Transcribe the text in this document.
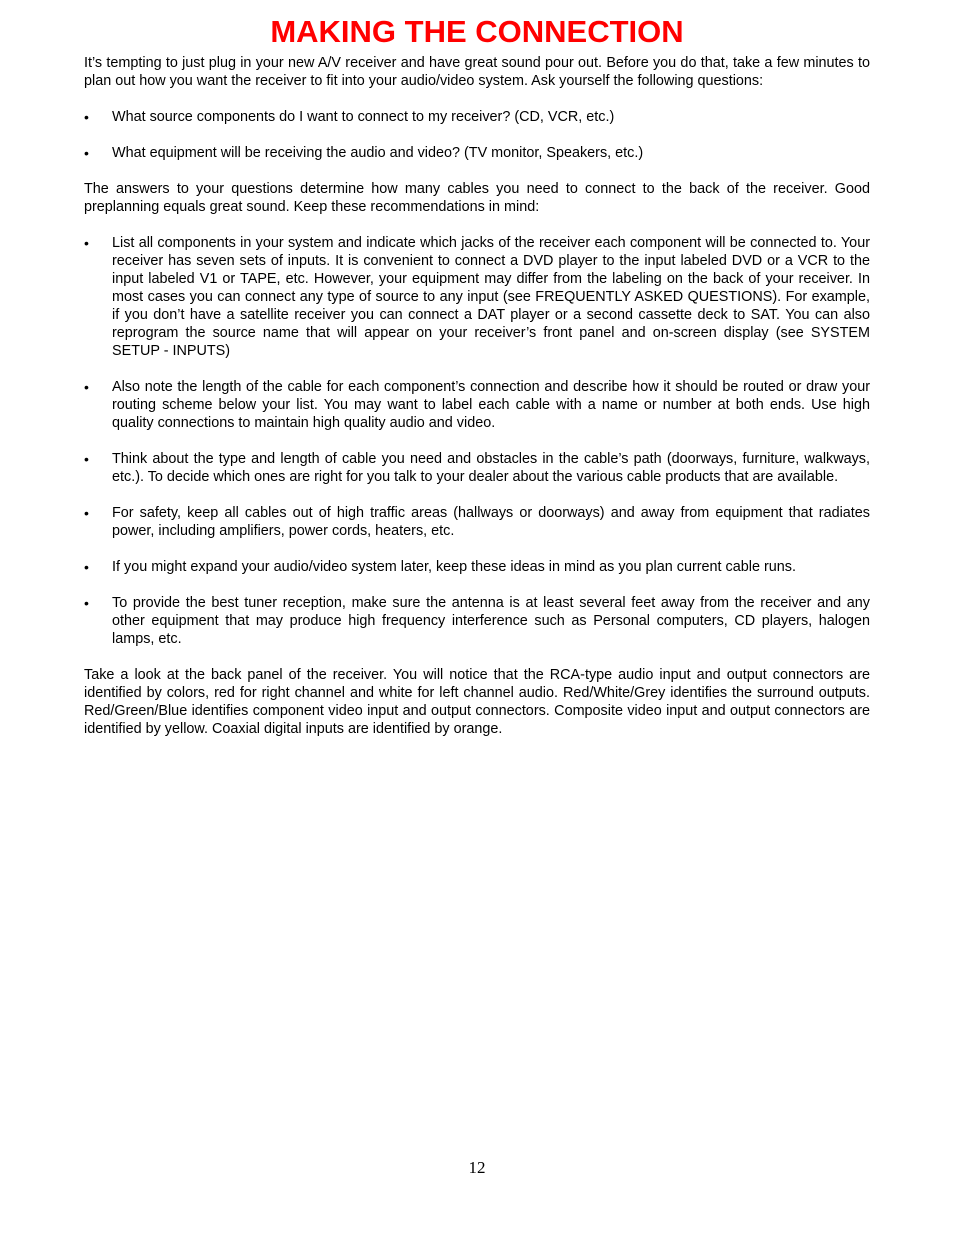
MAKING THE CONNECTION

It’s tempting to just plug in your new A/V receiver and have great sound pour out. Before you do that, take a few minutes to plan out how you want the receiver to fit into your audio/video system. Ask yourself the following questions:

•	What source components do I want to connect to my receiver? (CD, VCR, etc.)
•	What equipment will be receiving the audio and video? (TV monitor, Speakers, etc.)

The answers to your questions determine how many cables you need to connect to the back of the receiver. Good preplanning equals great sound. Keep these recommendations in mind:

•	List all components in your system and indicate which jacks of the receiver each component will be connected to. Your receiver has seven sets of inputs. It is convenient to connect a DVD player to the input labeled DVD or a VCR to the input labeled V1 or TAPE, etc. However, your equipment may differ from the labeling on the back of your receiver. In most cases you can connect any type of source to any input (see FREQUENTLY ASKED QUESTIONS). For example, if you don’t have a satellite receiver you can connect a DAT player or a second cassette deck to SAT. You can also reprogram the source name that will appear on your receiver’s front panel and on-screen display (see SYSTEM SETUP - INPUTS)
•	Also note the length of the cable for each component’s connection and describe how it should be routed or draw your routing scheme below your list. You may want to label each cable with a name or number at both ends. Use high quality connections to maintain high quality audio and video.
•	Think about the type and length of cable you need and obstacles in the cable’s path (doorways, furniture, walkways, etc.). To decide which ones are right for you talk to your dealer about the various cable products that are available.
•	For safety, keep all cables out of high traffic areas (hallways or doorways) and away from equipment that radiates power, including amplifiers, power cords, heaters, etc.
•	If you might expand your audio/video system later, keep these ideas in mind as you plan current cable runs.
•	To provide the best tuner reception, make sure the antenna is at least several feet away from the receiver and any other equipment that may produce high frequency interference such as Personal computers, CD players, halogen lamps, etc.

Take a look at the back panel of the receiver. You will notice that the RCA-type audio input and output connectors are identified by colors, red for right channel and white for left channel audio. Red/White/Grey identifies the surround outputs. Red/Green/Blue identifies component video input and output connectors. Composite video input and output connectors are identified by yellow. Coaxial digital inputs are identified by orange.

12
